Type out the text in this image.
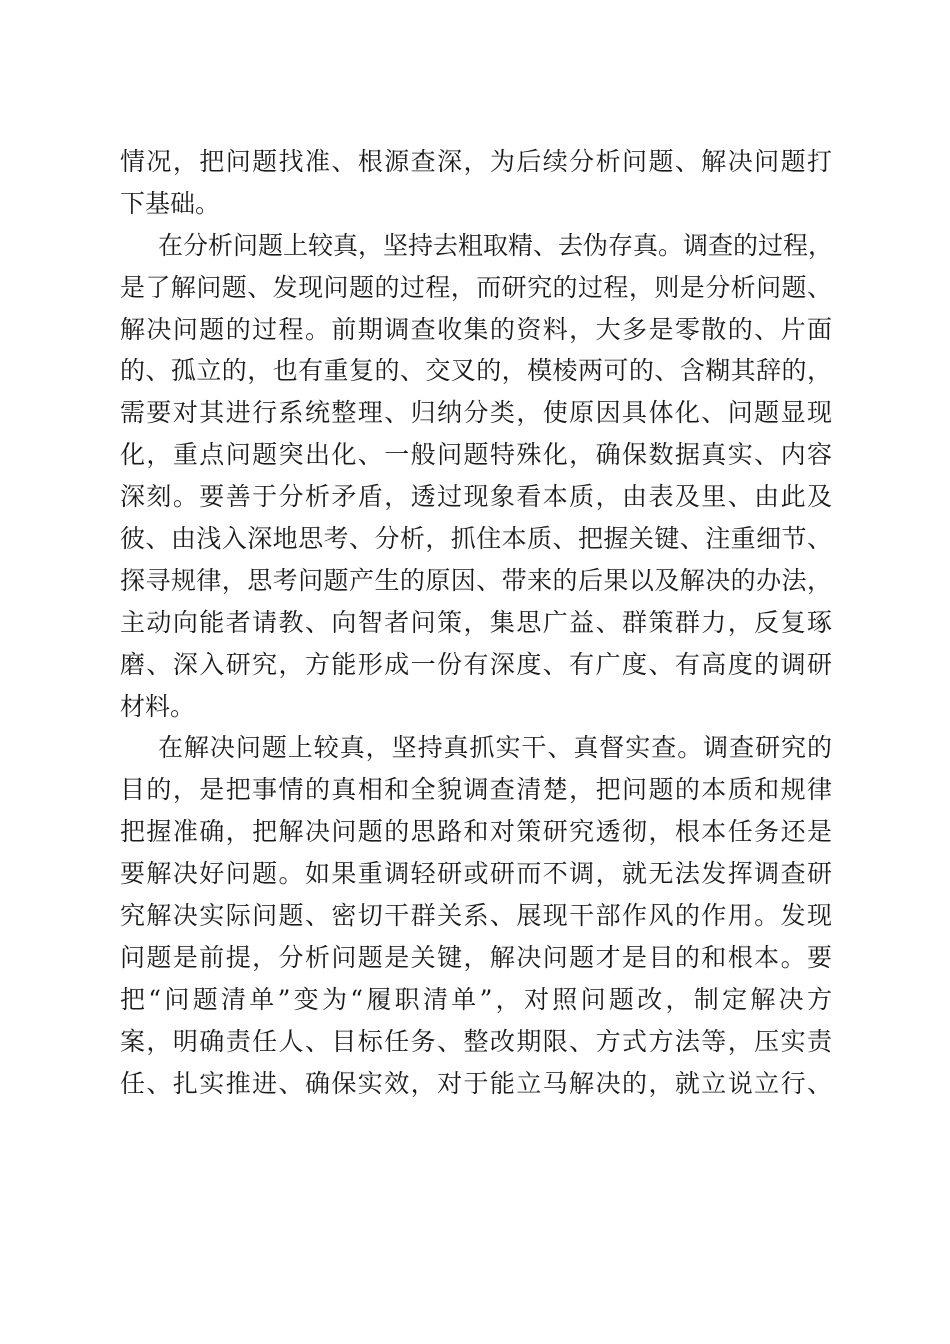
情况，把问题找准、根源查深，为后续分析问题、解决问题打
下基础。
在分析问题上较真，坚持去粗取精、去伪存真。调查的过程，
是了解问题、发现问题的过程，而研究的过程，则是分析问题、
解决问题的过程。前期调查收集的资料，大多是零散的、片面
的、孤立的，也有重复的、交叉的，模棱两可的、含糊其辞的，
需要对其进行系统整理、归纳分类，使原因具体化、问题显现
化，重点问题突出化、一般问题特殊化，确保数据真实、内容
深刻。要善于分析矛盾，透过现象看本质，由表及里、由此及
彼、由浅入深地思考、分析，抓住本质、把握关键、注重细节、
探寻规律，思考问题产生的原因、带来的后果以及解决的办法，
主动向能者请教、向智者问策，集思广益、群策群力，反复琢
磨、深入研究，方能形成一份有深度、有广度、有高度的调研
材料。
在解决问题上较真，坚持真抓实干、真督实查。调查研究的
目的，是把事情的真相和全貌调查清楚，把问题的本质和规律
把握准确，把解决问题的思路和对策研究透彻，根本任务还是
要解决好问题。如果重调轻研或研而不调，就无法发挥调查研
究解决实际问题、密切干群关系、展现干部作风的作用。发现
问题是前提，分析问题是关键，解决问题才是目的和根本。要
把“问题清单”变为“履职清单”，对照问题改，制定解决方
案，明确责任人、目标任务、整改期限、方式方法等，压实责
任、扎实推进、确保实效，对于能立马解决的，就立说立行、
